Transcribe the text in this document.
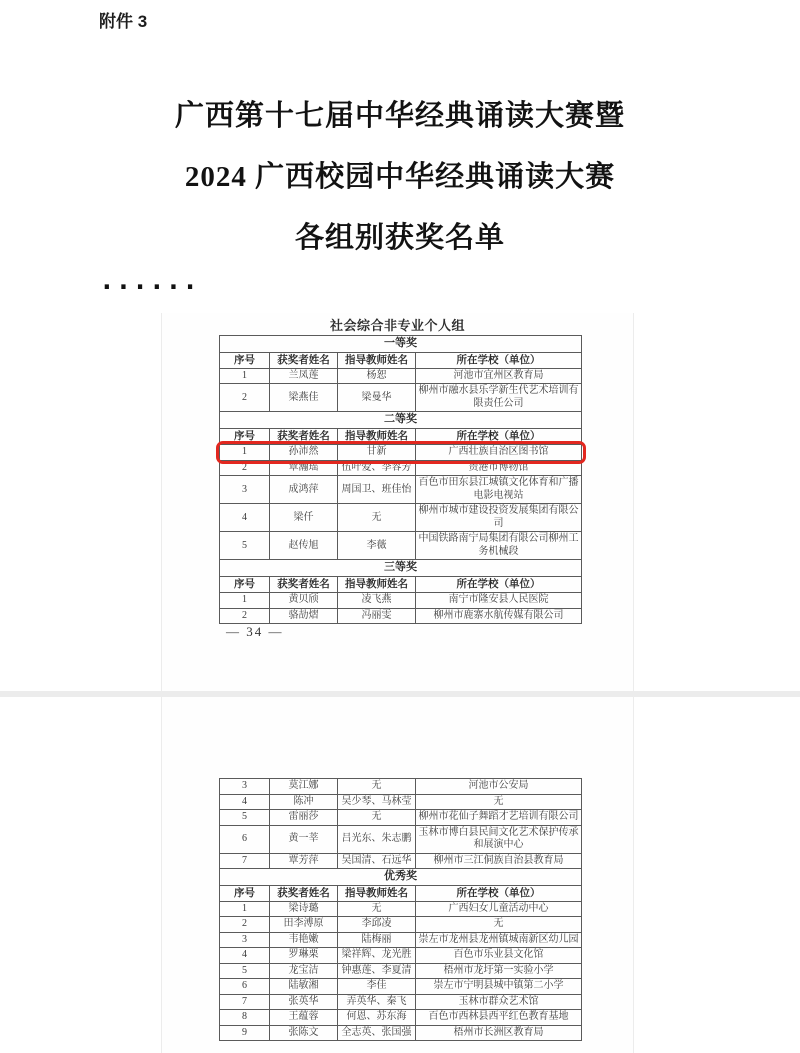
附件 3
广西第十七届中华经典诵读大赛暨
2024 广西校园中华经典诵读大赛
各组别获奖名单
......
社会综合非专业个人组
一等奖			
序号	获奖者姓名	指导教师姓名	所在学校（单位）
1	兰凤莲	杨恕	河池市宜州区教育局
2	梁燕佳	梁曼华	柳州市融水县乐学新生代艺术培训有限责任公司
二等奖			
序号	获奖者姓名	指导教师姓名	所在学校（单位）
1	孙沛然	甘新	广西壮族自治区图书馆
2	覃瀚瑶	伍叶爱、李容芳	贵港市博物馆
3	成鸿萍	周国卫、班佳怡	百色市田东县江城镇文化体育和广播电影电视站
4	梁仟	无	柳州市城市建设投资发展集团有限公司
5	赵传旭	李薇	中国铁路南宁局集团有限公司柳州工务机械段
三等奖			
序号	获奖者姓名	指导教师姓名	所在学校（单位）
1	黄贝颀	凌飞燕	南宁市隆安县人民医院
2	骆劼熠	冯丽雯	柳州市鹿寨水航传媒有限公司
— 34 —
3	莫江娜	无	河池市公安局
4	陈冲	吴少琴、马林莹	无
5	雷丽莎	无	柳州市花仙子舞蹈才艺培训有限公司
6	黄一莘	吕光东、朱志鹏	玉林市博白县民间文化艺术保护传承和展演中心
7	覃芳萍	吴国清、石远华	柳州市三江侗族自治县教育局
优秀奖			
序号	获奖者姓名	指导教师姓名	所在学校（单位）
1	梁诗璐	无	广西妇女儿童活动中心
2	田李溥原	李邱凌	无
3	韦艳嫩	陆梅丽	崇左市龙州县龙州镇城南新区幼儿园
4	罗琳栗	梁祥辉、龙光胜	百色市乐业县文化馆
5	龙宝洁	钟惠莲、李夏清	梧州市龙圩第一实验小学
6	陆敏湘	李佳	崇左市宁明县城中镇第二小学
7	张英华	弄英华、秦飞	玉林市群众艺术馆
8	王蕴蓉	何恩、苏东海	百色市西林县西平红色教育基地
9	张陈文	全志英、张国强	梧州市长洲区教育局
